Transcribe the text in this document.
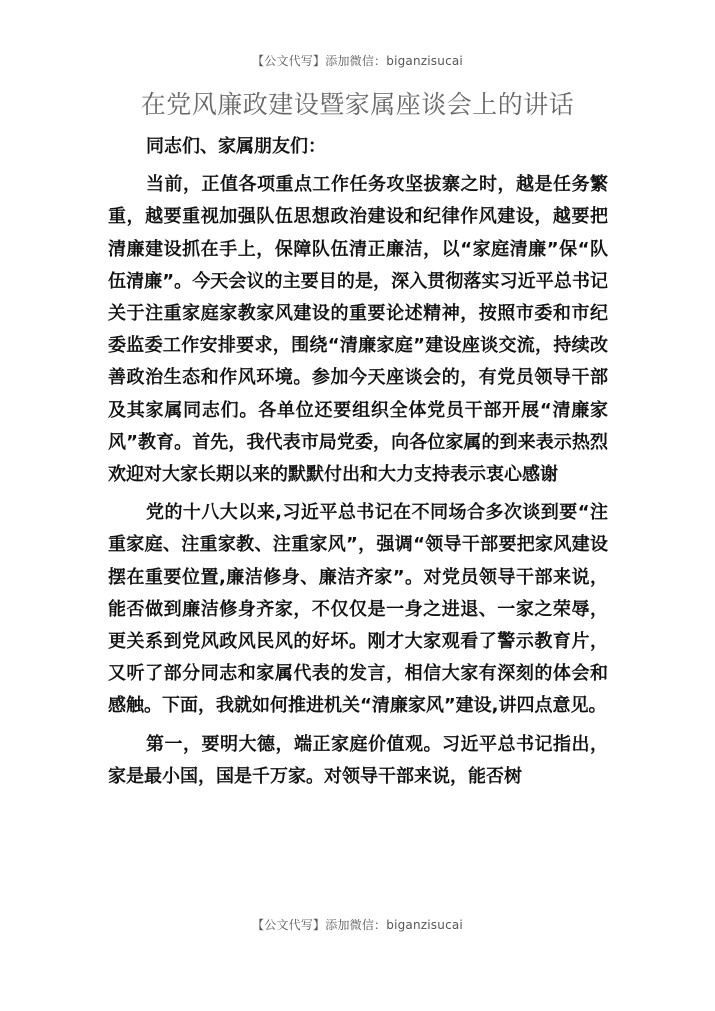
【公文代写】添加微信：biganzisucai
在党风廉政建设暨家属座谈会上的讲话

同志们、家属朋友们：

当前，正值各项重点工作任务攻坚拔寨之时，越是任务繁重，越要重视加强队伍思想政治建设和纪律作风建设，越要把清廉建设抓在手上，保障队伍清正廉洁，以“家庭清廉”保“队伍清廉”。今天会议的主要目的是，深入贯彻落实习近平总书记关于注重家庭家教家风建设的重要论述精神，按照市委和市纪委监委工作安排要求，围绕“清廉家庭”建设座谈交流，持续改善政治生态和作风环境。参加今天座谈会的，有党员领导干部及其家属同志们。各单位还要组织全体党员干部开展“清廉家风”教育。首先，我代表市局党委，向各位家属的到来表示热烈欢迎对大家长期以来的默默付出和大力支持表示衷心感谢

党的十八大以来,习近平总书记在不同场合多次谈到要“注重家庭、注重家教、注重家风”，强调“领导干部要把家风建设摆在重要位置,廉洁修身、廉洁齐家”。对党员领导干部来说，能否做到廉洁修身齐家，不仅仅是一身之进退、一家之荣辱，更关系到党风政风民风的好坏。刚才大家观看了警示教育片，又听了部分同志和家属代表的发言，相信大家有深刻的体会和感触。下面，我就如何推进机关“清廉家风”建设,讲四点意见。

第一，要明大德，端正家庭价值观。习近平总书记指出，家是最小国，国是千万家。对领导干部来说，能否树

【公文代写】添加微信：biganzisucai
